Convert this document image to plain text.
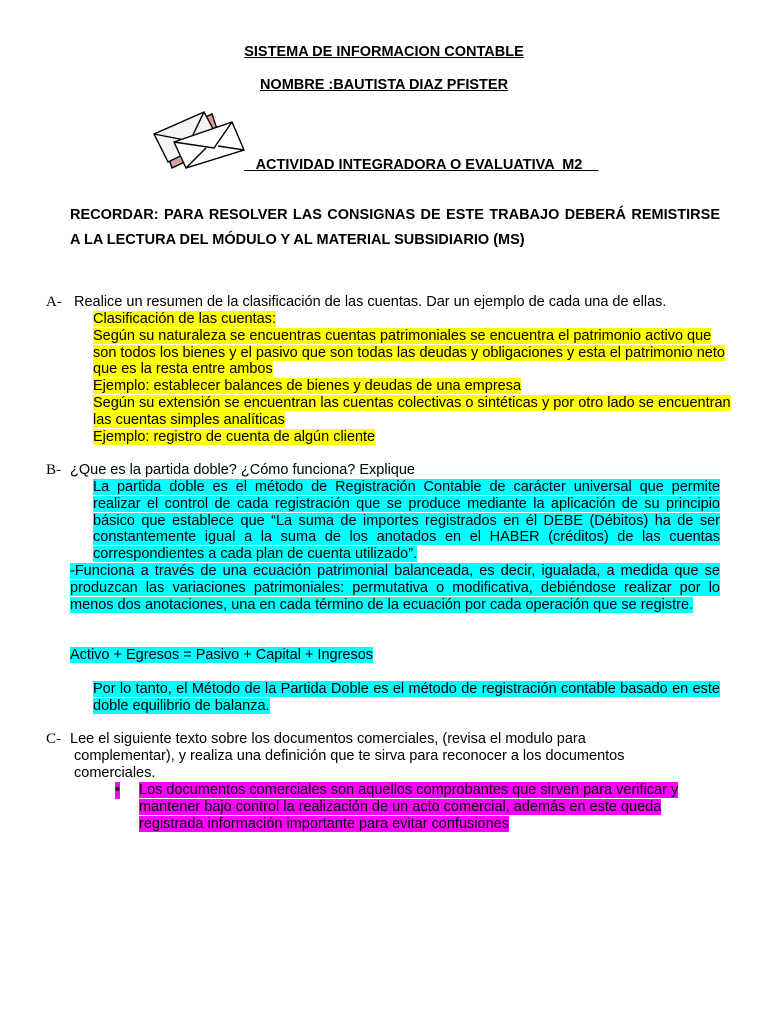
SISTEMA DE INFORMACION CONTABLE
NOMBRE :BAUTISTA DIAZ PFISTER
ACTIVIDAD INTEGRADORA O EVALUATIVA  M2

RECORDAR: PARA RESOLVER LAS CONSIGNAS DE ESTE TRABAJO DEBERÁ REMISTIRSE A LA LECTURA DEL MÓDULO Y AL MATERIAL SUBSIDIARIO (MS)

A- Realice un resumen de la clasificación de las cuentas. Dar un ejemplo de cada una de ellas.

Clasificación de las cuentas:

Según su naturaleza se encuentras cuentas patrimoniales se encuentra el patrimonio activo que son todos los bienes y el pasivo que son todas las deudas y obligaciones y esta el patrimonio neto que es la resta entre ambos

Ejemplo: establecer balances de bienes y deudas de una empresa

Según su extensión se encuentran las cuentas colectivas o sintéticas y por otro lado se encuentran las cuentas simples analíticas

Ejemplo: registro de cuenta de algún cliente

B- ¿Que es la partida doble? ¿Cómo funciona? Explique

La partida doble es el método de Registración Contable de carácter universal que permite realizar el control de cada registración que se produce mediante la aplicación de su principio básico que establece que “La suma de importes registrados en él DEBE (Débitos) ha de ser constantemente igual a la suma de los anotados en el HABER (créditos) de las cuentas correspondientes a cada plan de cuenta utilizado”.

-Funciona a través de una ecuación patrimonial balanceada, es decir, igualada, a medida que se produzcan las variaciones patrimoniales: permutativa o modificativa, debiéndose realizar por lo menos dos anotaciones, una en cada término de la ecuación por cada operación que se registre.

Activo + Egresos = Pasivo + Capital + Ingresos

Por lo tanto, el Método de la Partida Doble es el método de registración contable basado en este doble equilibrio de balanza.

C- Lee el siguiente texto sobre los documentos comerciales, (revisa el modulo para complementar), y realiza una definición que te sirva para reconocer a los documentos comerciales.

• Los documentos comerciales son aquellos comprobantes que sirven para verificar y mantener bajo control la realización de un acto comercial, además en este queda registrada información importante para evitar confusiones
